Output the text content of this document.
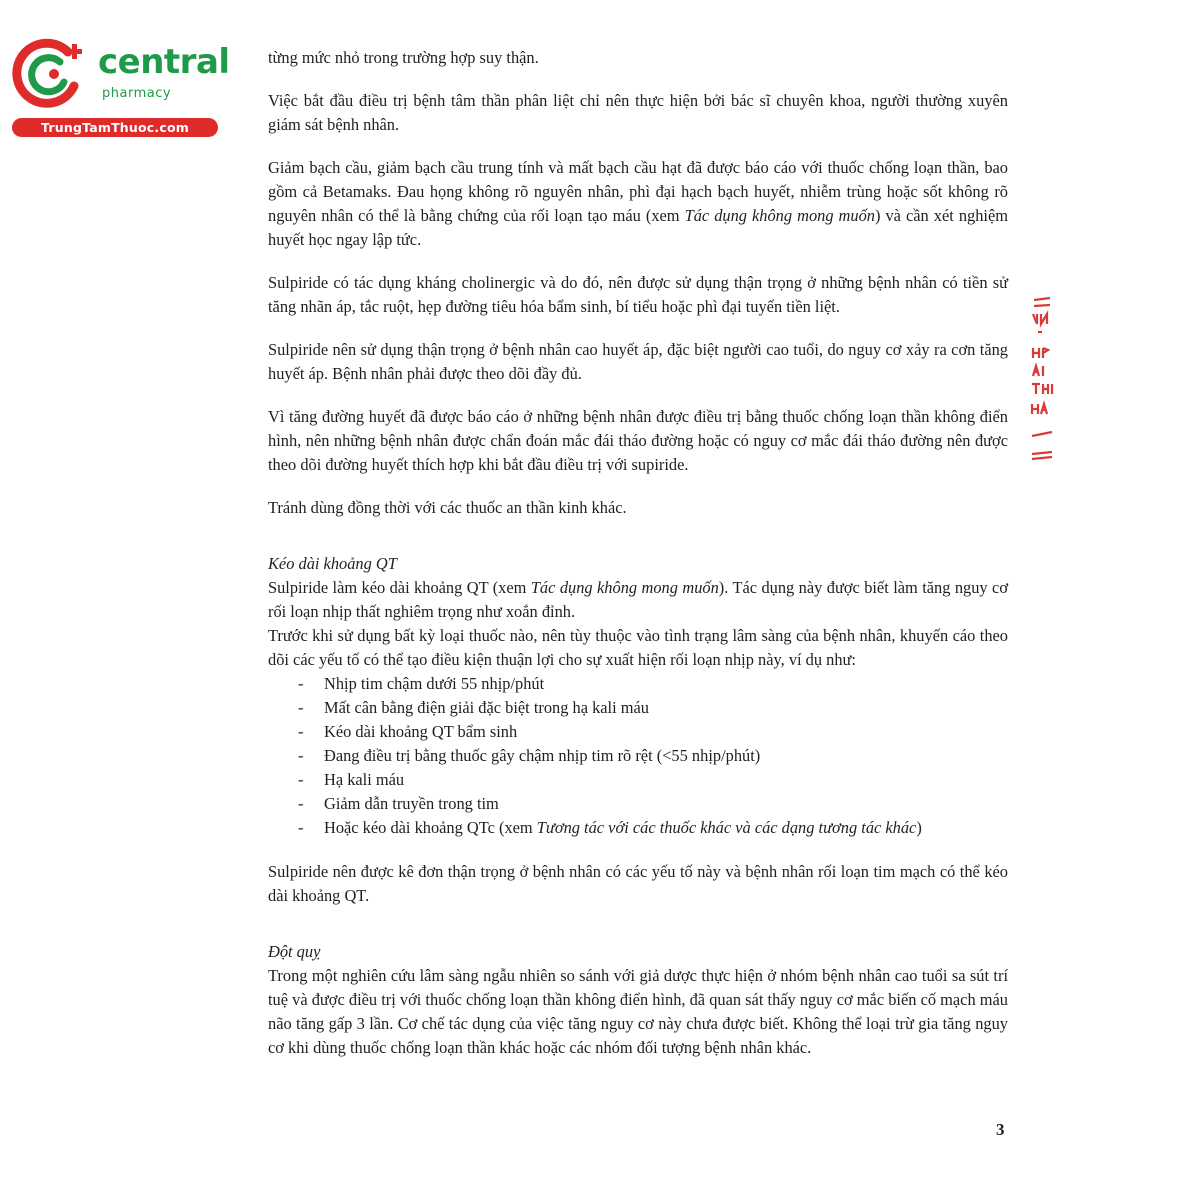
central
pharmacy
TrungTamThuoc.com

từng mức nhỏ trong trường hợp suy thận.

Việc bắt đầu điều trị bệnh tâm thần phân liệt chỉ nên thực hiện bởi bác sĩ chuyên khoa, người thường xuyên giám sát bệnh nhân.

Giảm bạch cầu, giảm bạch cầu trung tính và mất bạch cầu hạt đã được báo cáo với thuốc chống loạn thần, bao gồm cả Betamaks. Đau họng không rõ nguyên nhân, phì đại hạch bạch huyết, nhiễm trùng hoặc sốt không rõ nguyên nhân có thể là bằng chứng của rối loạn tạo máu (xem Tác dụng không mong muốn) và cần xét nghiệm huyết học ngay lập tức.

Sulpiride có tác dụng kháng cholinergic và do đó, nên được sử dụng thận trọng ở những bệnh nhân có tiền sử tăng nhãn áp, tắc ruột, hẹp đường tiêu hóa bẩm sinh, bí tiểu hoặc phì đại tuyến tiền liệt.

Sulpiride nên sử dụng thận trọng ở bệnh nhân cao huyết áp, đặc biệt người cao tuổi, do nguy cơ xảy ra cơn tăng huyết áp. Bệnh nhân phải được theo dõi đầy đủ.

Vì tăng đường huyết đã được báo cáo ở những bệnh nhân được điều trị bằng thuốc chống loạn thần không điển hình, nên những bệnh nhân được chẩn đoán mắc đái tháo đường hoặc có nguy cơ mắc đái tháo đường nên được theo dõi đường huyết thích hợp khi bắt đầu điều trị với supiride.

Tránh dùng đồng thời với các thuốc an thần kinh khác.

Kéo dài khoảng QT

Sulpiride làm kéo dài khoảng QT (xem Tác dụng không mong muốn). Tác dụng này được biết làm tăng nguy cơ rối loạn nhịp thất nghiêm trọng như xoắn đỉnh.

Trước khi sử dụng bất kỳ loại thuốc nào, nên tùy thuộc vào tình trạng lâm sàng của bệnh nhân, khuyến cáo theo dõi các yếu tố có thể tạo điều kiện thuận lợi cho sự xuất hiện rối loạn nhịp này, ví dụ như:

- Nhịp tim chậm dưới 55 nhịp/phút
- Mất cân bằng điện giải đặc biệt trong hạ kali máu
- Kéo dài khoảng QT bẩm sinh
- Đang điều trị bằng thuốc gây chậm nhịp tim rõ rệt (<55 nhịp/phút)
- Hạ kali máu
- Giảm dẫn truyền trong tim
- Hoặc kéo dài khoảng QTc (xem Tương tác với các thuốc khác và các dạng tương tác khác)

Sulpiride nên được kê đơn thận trọng ở bệnh nhân có các yếu tố này và bệnh nhân rối loạn tim mạch có thể kéo dài khoảng QT.

Đột quỵ

Trong một nghiên cứu lâm sàng ngẫu nhiên so sánh với giả dược thực hiện ở nhóm bệnh nhân cao tuổi sa sút trí tuệ và được điều trị với thuốc chống loạn thần không điển hình, đã quan sát thấy nguy cơ mắc biến cố mạch máu não tăng gấp 3 lần. Cơ chế tác dụng của việc tăng nguy cơ này chưa được biết. Không thể loại trừ gia tăng nguy cơ khi dùng thuốc chống loạn thần khác hoặc các nhóm đối tượng bệnh nhân khác.

3
